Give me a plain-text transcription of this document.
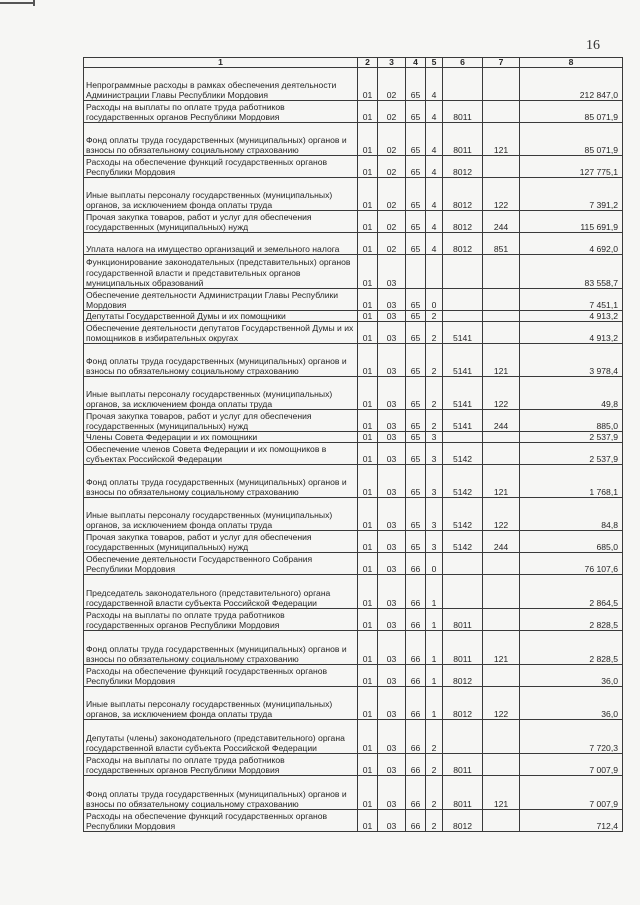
16
1	2	3	4	5	6	7	8
Непрограммные расходы в рамках обеспечения деятельности Администрации Главы Республики Мордовия	01	02	65	4			212 847,0
Расходы на выплаты по оплате труда работников государственных органов Республики Мордовия	01	02	65	4	8011		85 071,9
Фонд оплаты труда государственных (муниципальных) органов и взносы по обязательному социальному страхованию	01	02	65	4	8011	121	85 071,9
Расходы на обеспечение функций государственных органов Республики Мордовия	01	02	65	4	8012		127 775,1
Иные выплаты персоналу государственных (муниципальных) органов, за исключением фонда оплаты труда	01	02	65	4	8012	122	7 391,2
Прочая закупка товаров, работ и услуг для обеспечения государственных (муниципальных) нужд	01	02	65	4	8012	244	115 691,9
Уплата налога на имущество организаций и земельного налога	01	02	65	4	8012	851	4 692,0
Функционирование законодательных (представительных) органов государственной власти и представительных органов муниципальных образований	01	03					83 558,7
Обеспечение деятельности Администрации Главы Республики Мордовия	01	03	65	0			7 451,1
Депутаты Государственной Думы и их помощники	01	03	65	2			4 913,2
Обеспечение деятельности депутатов Государственной Думы и их помощников в избирательных округах	01	03	65	2	5141		4 913,2
Фонд оплаты труда государственных (муниципальных) органов и взносы по обязательному социальному страхованию	01	03	65	2	5141	121	3 978,4
Иные выплаты персоналу государственных (муниципальных) органов, за исключением фонда оплаты труда	01	03	65	2	5141	122	49,8
Прочая закупка товаров, работ и услуг для обеспечения государственных (муниципальных) нужд	01	03	65	2	5141	244	885,0
Члены Совета Федерации и их помощники	01	03	65	3			2 537,9
Обеспечение членов Совета Федерации и их помощников в субъектах Российской Федерации	01	03	65	3	5142		2 537,9
Фонд оплаты труда государственных (муниципальных) органов и взносы по обязательному социальному страхованию	01	03	65	3	5142	121	1 768,1
Иные выплаты персоналу государственных (муниципальных) органов, за исключением фонда оплаты труда	01	03	65	3	5142	122	84,8
Прочая закупка товаров, работ и услуг для обеспечения государственных (муниципальных) нужд	01	03	65	3	5142	244	685,0
Обеспечение деятельности Государственного Собрания Республики Мордовия	01	03	66	0			76 107,6
Председатель законодательного (представительного) органа государственной власти субъекта Российской Федерации	01	03	66	1			2 864,5
Расходы на выплаты по оплате труда работников государственных органов Республики Мордовия	01	03	66	1	8011		2 828,5
Фонд оплаты труда государственных (муниципальных) органов и взносы по обязательному социальному страхованию	01	03	66	1	8011	121	2 828,5
Расходы на обеспечение функций государственных органов Республики Мордовия	01	03	66	1	8012		36,0
Иные выплаты персоналу государственных (муниципальных) органов, за исключением фонда оплаты труда	01	03	66	1	8012	122	36,0
Депутаты (члены) законодательного (представительного) органа государственной власти субъекта Российской Федерации	01	03	66	2			7 720,3
Расходы на выплаты по оплате труда работников государственных органов Республики Мордовия	01	03	66	2	8011		7 007,9
Фонд оплаты труда государственных (муниципальных) органов и взносы по обязательному социальному страхованию	01	03	66	2	8011	121	7 007,9
Расходы на обеспечение функций государственных органов Республики Мордовия	01	03	66	2	8012		712,4
